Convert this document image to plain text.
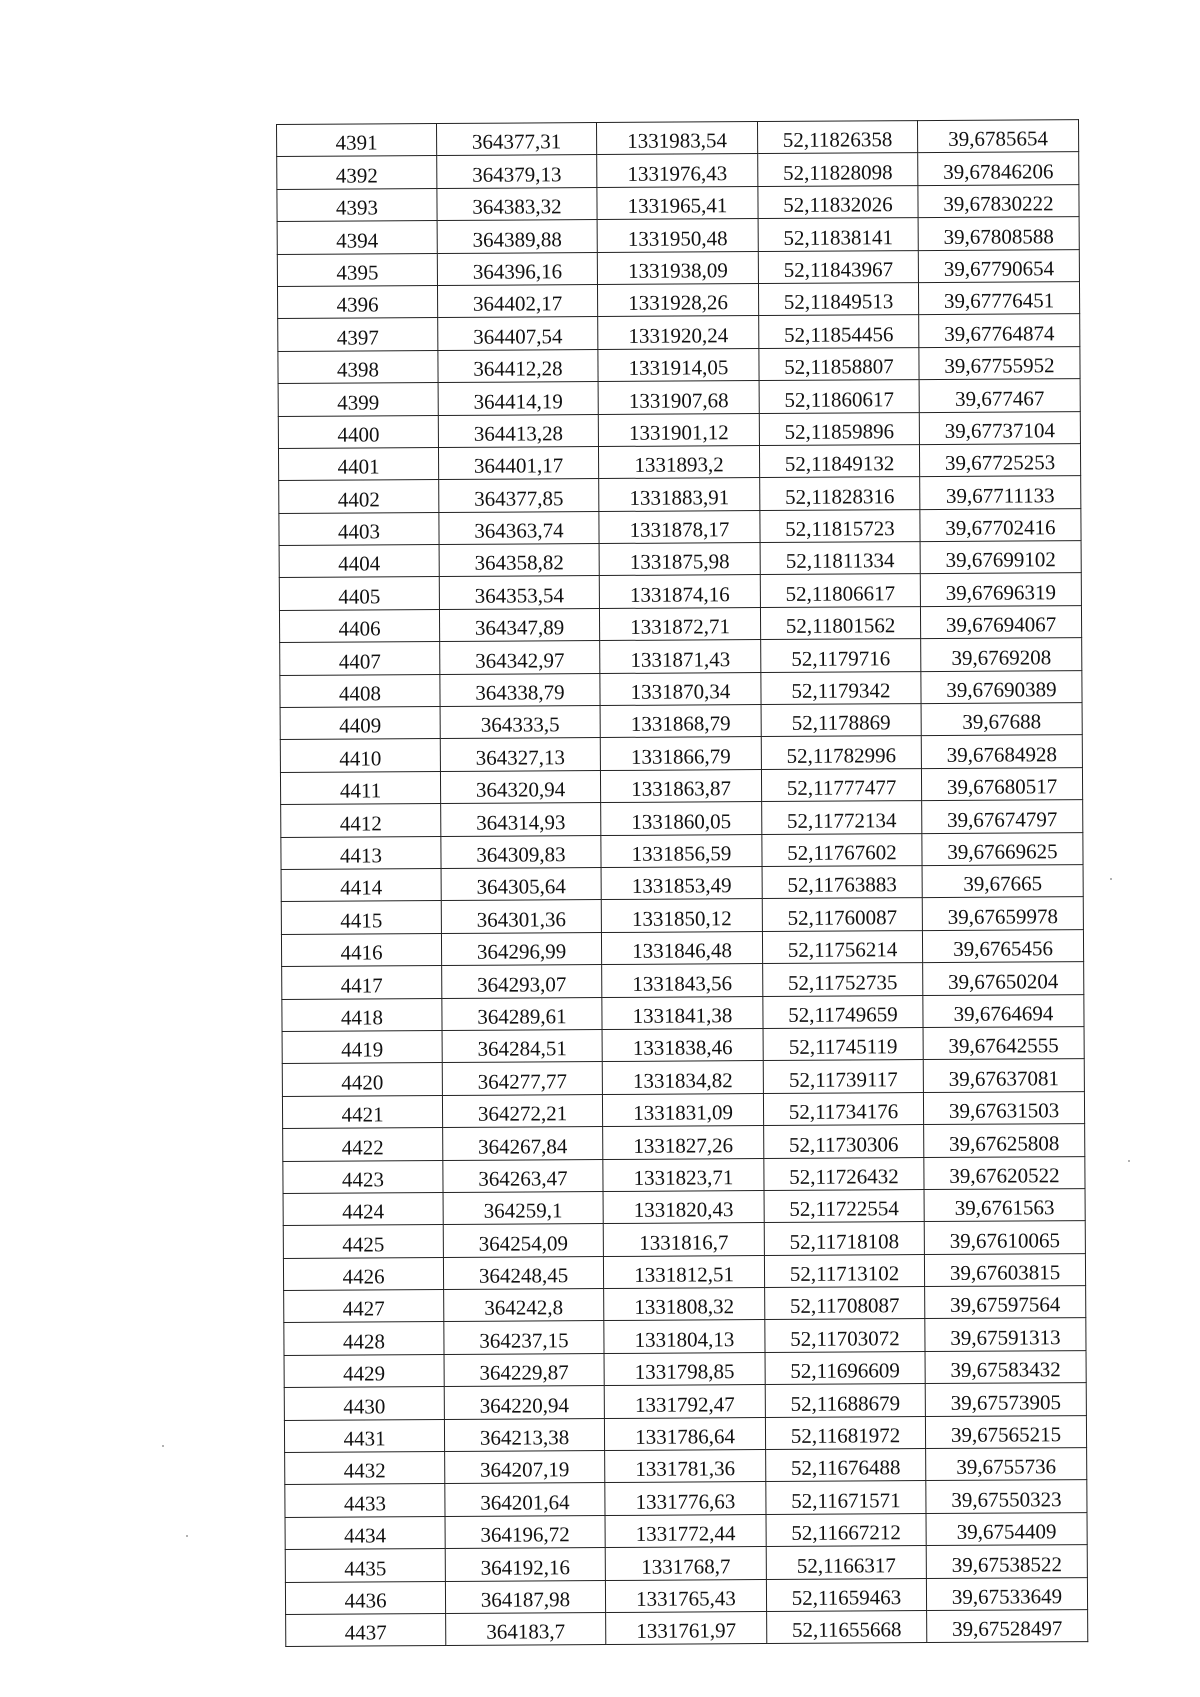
4391	364377,31	1331983,54	52,11826358	39,6785654
4392	364379,13	1331976,43	52,11828098	39,67846206
4393	364383,32	1331965,41	52,11832026	39,67830222
4394	364389,88	1331950,48	52,11838141	39,67808588
4395	364396,16	1331938,09	52,11843967	39,67790654
4396	364402,17	1331928,26	52,11849513	39,67776451
4397	364407,54	1331920,24	52,11854456	39,67764874
4398	364412,28	1331914,05	52,11858807	39,67755952
4399	364414,19	1331907,68	52,11860617	39,677467
4400	364413,28	1331901,12	52,11859896	39,67737104
4401	364401,17	1331893,2	52,11849132	39,67725253
4402	364377,85	1331883,91	52,11828316	39,67711133
4403	364363,74	1331878,17	52,11815723	39,67702416
4404	364358,82	1331875,98	52,11811334	39,67699102
4405	364353,54	1331874,16	52,11806617	39,67696319
4406	364347,89	1331872,71	52,11801562	39,67694067
4407	364342,97	1331871,43	52,1179716	39,6769208
4408	364338,79	1331870,34	52,1179342	39,67690389
4409	364333,5	1331868,79	52,1178869	39,67688
4410	364327,13	1331866,79	52,11782996	39,67684928
4411	364320,94	1331863,87	52,11777477	39,67680517
4412	364314,93	1331860,05	52,11772134	39,67674797
4413	364309,83	1331856,59	52,11767602	39,67669625
4414	364305,64	1331853,49	52,11763883	39,67665
4415	364301,36	1331850,12	52,11760087	39,67659978
4416	364296,99	1331846,48	52,11756214	39,6765456
4417	364293,07	1331843,56	52,11752735	39,67650204
4418	364289,61	1331841,38	52,11749659	39,6764694
4419	364284,51	1331838,46	52,11745119	39,67642555
4420	364277,77	1331834,82	52,11739117	39,67637081
4421	364272,21	1331831,09	52,11734176	39,67631503
4422	364267,84	1331827,26	52,11730306	39,67625808
4423	364263,47	1331823,71	52,11726432	39,67620522
4424	364259,1	1331820,43	52,11722554	39,6761563
4425	364254,09	1331816,7	52,11718108	39,67610065
4426	364248,45	1331812,51	52,11713102	39,67603815
4427	364242,8	1331808,32	52,11708087	39,67597564
4428	364237,15	1331804,13	52,11703072	39,67591313
4429	364229,87	1331798,85	52,11696609	39,67583432
4430	364220,94	1331792,47	52,11688679	39,67573905
4431	364213,38	1331786,64	52,11681972	39,67565215
4432	364207,19	1331781,36	52,11676488	39,6755736
4433	364201,64	1331776,63	52,11671571	39,67550323
4434	364196,72	1331772,44	52,11667212	39,6754409
4435	364192,16	1331768,7	52,1166317	39,67538522
4436	364187,98	1331765,43	52,11659463	39,67533649
4437	364183,7	1331761,97	52,11655668	39,67528497
